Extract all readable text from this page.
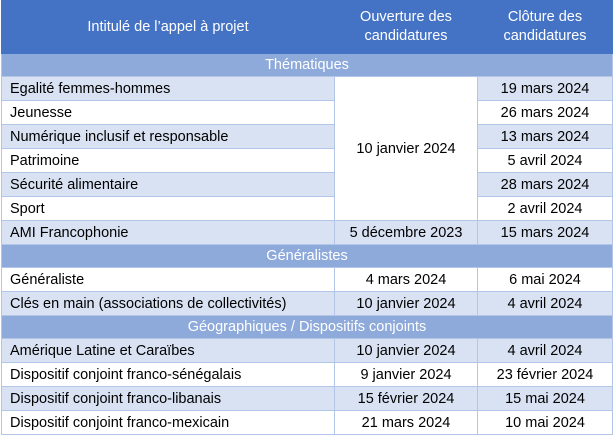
Intitulé de l’appel à projet	Ouverture des candidatures	Clôture des candidatures
Thématiques		
Egalité femmes-hommes	10 janvier 2024	19 mars 2024
Jeunesse		26 mars 2024
Numérique inclusif et responsable		13 mars 2024
Patrimoine		5 avril 2024
Sécurité alimentaire		28 mars 2024
Sport		2 avril 2024
AMI Francophonie	5 décembre 2023	15 mars 2024
Généralistes		
Généraliste	4 mars 2024	6 mai 2024
Clés en main (associations de collectivités)	10 janvier 2024	4 avril 2024
Géographiques / Dispositifs conjoints		
Amérique Latine et Caraïbes	10 janvier 2024	4 avril 2024
Dispositif conjoint franco-sénégalais	9 janvier 2024	23 février 2024
Dispositif conjoint franco-libanais	15 février 2024	15 mai 2024
Dispositif conjoint franco-mexicain	21 mars 2024	10 mai 2024
